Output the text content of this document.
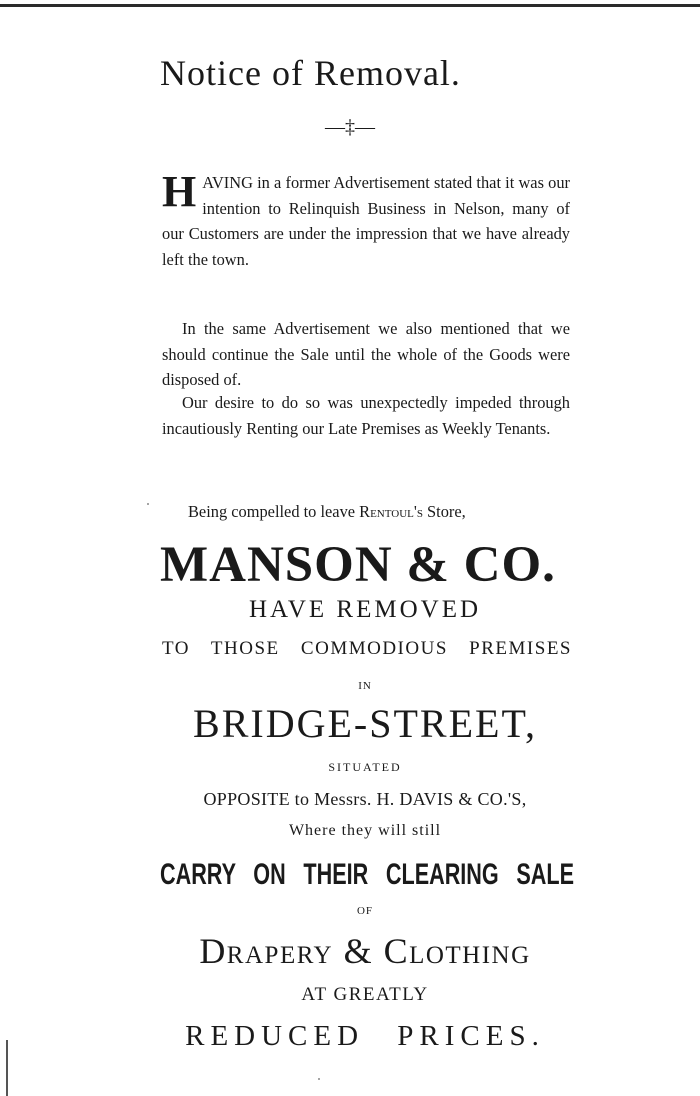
Notice of Removal.
—‡—
HAVING in a former Advertisement stated that it was our intention to Relinquish Business in Nelson, many of our Customers are under the impression that we have already left the town.
In the same Advertisement we also mentioned that we should continue the Sale until the whole of the Goods were disposed of.
Our desire to do so was unexpectedly impeded through incautiously Renting our Late Premises as Weekly Tenants.
Being compelled to leave Rentoul's Store,
MANSON & CO.
HAVE REMOVED
TO THOSE COMMODIOUS PREMISES
IN
BRIDGE-STREET,
SITUATED
OPPOSITE to Messrs. H. DAVIS & CO.'S,
Where they will still
CARRY ON THEIR CLEARING SALE
OF
Drapery & Clothing
AT GREATLY
REDUCED PRICES.
